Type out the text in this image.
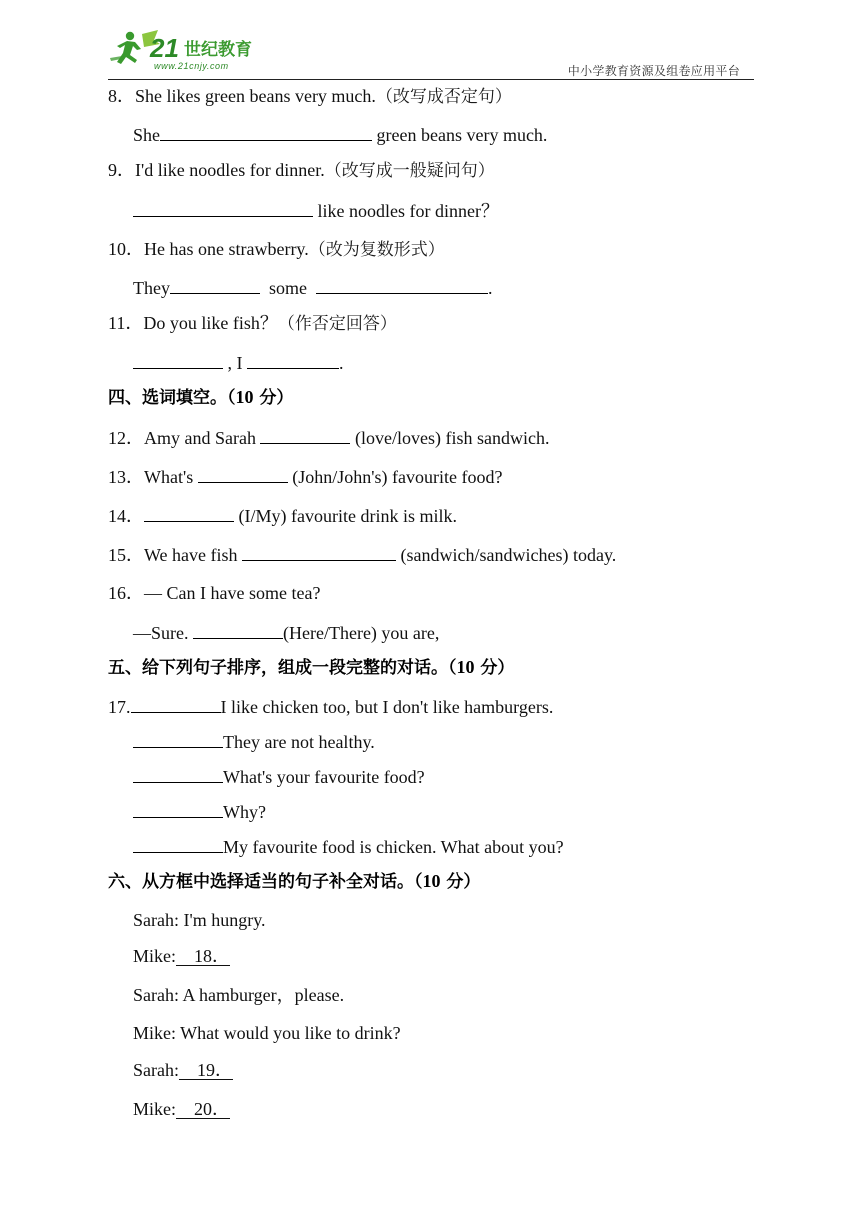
21 世纪教育
www.21cnjy.com	中小学教育资源及组卷应用平台
8．She likes green beans very much.（改写成否定句）
She	green beans very much.
9．I'd like noodles for dinner.（改写成一般疑问句）
like noodles for dinner？
10．He has one strawberry.（改为复数形式）
They	some	.
11．Do you like fish？（作否定回答）
, I	.
四、选词填空。（10 分）
12．Amy and Sarah	(love/loves) fish sandwich.
13．What's	(John/John's) favourite food?
14．	(I/My) favourite drink is milk.
15．We have fish	(sandwich/sandwiches) today.
16．— Can I have some tea?
—Sure.	(Here/There) you are,
五、给下列句子排序，组成一段完整的对话。（10 分）
17.	I like chicken too, but I don't like hamburgers.
They are not healthy.
What's your favourite food?
Why?
My favourite food is chicken. What about you?
六、从方框中选择适当的句子补全对话。（10 分）
Sarah: I'm hungry.
Mike:    18．
Sarah: A hamburger，please.
Mike: What would you like to drink?
Sarah:    19．
Mike:    20．
